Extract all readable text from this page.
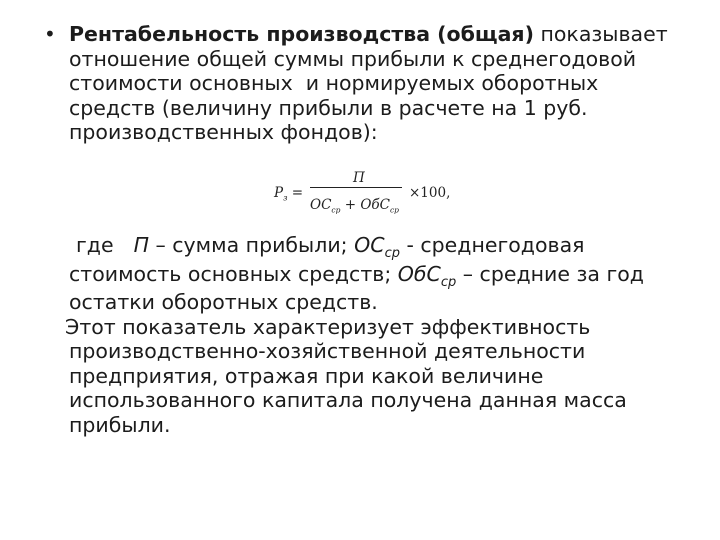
• Рентабельность производства (общая) показывает
отношение общей суммы прибыли к среднегодовой
стоимости основных  и нормируемых оборотных
средств (величину прибыли в расчете на 1 руб.
производственных фондов):
$P_з$ =
П
$ОС_{ср} + ОбС_{ср}$
×100,
где П – сумма прибыли; $ОС_{ср}$ - среднегодовая
стоимость основных средств; ОбС$_{ср}$ – средние за год
остатки оборотных средств.
Этот показатель характеризует эффективность
производственно-хозяйственной деятельности
предприятия, отражая при какой величине
использованного капитала получена данная масса
прибыли.
